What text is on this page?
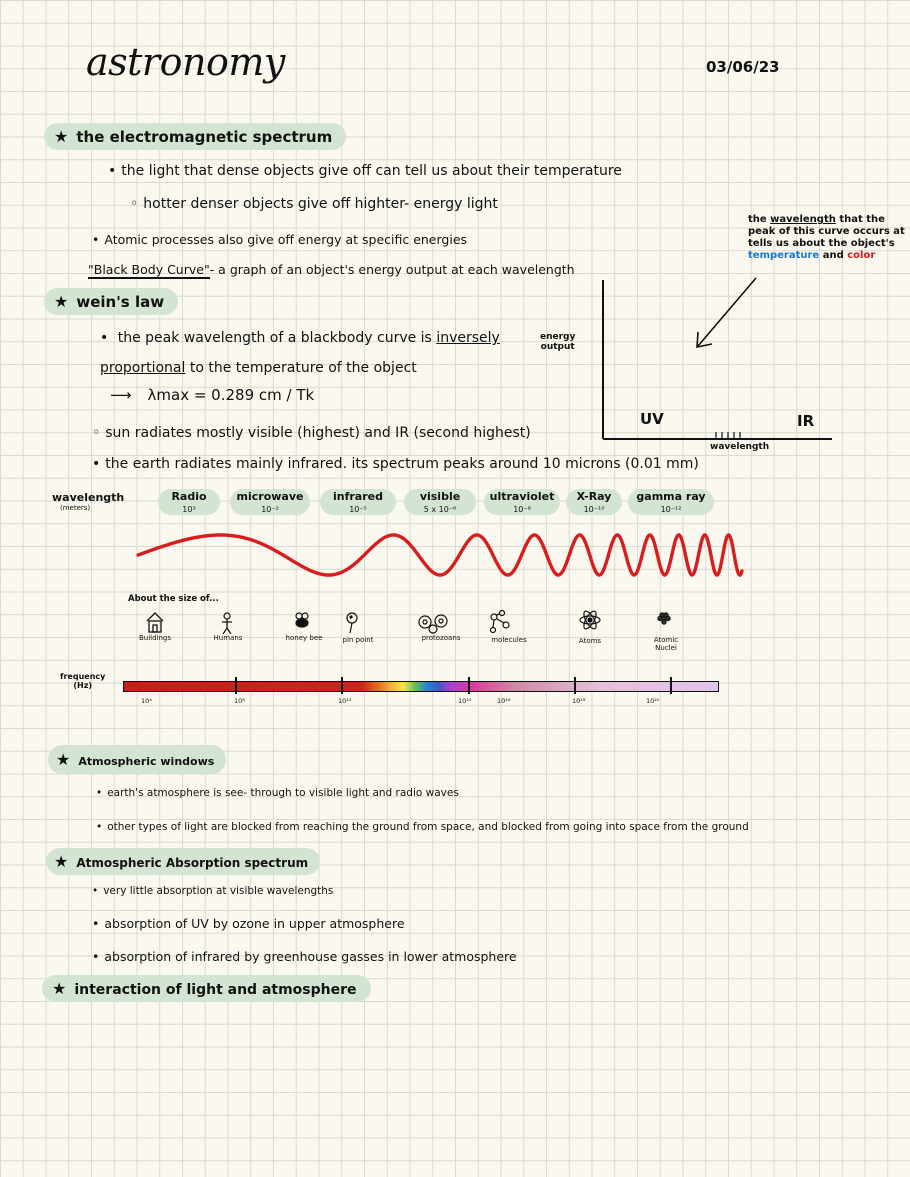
astronomy	03/06/23
★ the electromagnetic spectrum
• the light that dense objects give off can tell us about their temperature
◦ hotter denser objects give off highter- energy light
• Atomic processes also give off energy at specific energies
"Black Body Curve"- a graph of an object's energy output at each wavelength
★ wein's law
• the peak wavelength of a blackbody curve is inversely
proportional to the temperature of the object
⟶ λmax = 0.289 cm / Tk
◦ sun radiates mostly visible (highest) and IR (second highest)
• the earth radiates mainly infrared. its spectrum peaks around 10 microns (0.01 mm)
the wavelength that the
peak of this curve occurs at
tells us about the object's
temperature and color
energy
output
UV	IR
wavelength
wavelength
(meters)
Radio
10³
microwave
10⁻²
infrared
10⁻⁵
visible
5 x 10⁻⁶
ultraviolet
10⁻⁸
X-Ray
10⁻¹⁰
gamma ray
10⁻¹²
About the size of...
Buildings	Humans	honey bee	pin point	protozoans	molecules	Atoms	Atomic Nuclei
frequency
(Hz)
10⁴	10⁸	10¹²	10¹⁵	10¹⁶	10¹⁸	10²⁰
★ Atmospheric windows
• earth's atmosphere is see- through to visible light and radio waves
• other types of light are blocked from reaching the ground from space, and blocked from going into space from the ground
★ Atmospheric Absorption spectrum
• very little absorption at visible wavelengths
• absorption of UV by ozone in upper atmosphere
• absorption of infrared by greenhouse gasses in lower atmosphere
★ interaction of light and atmosphere
